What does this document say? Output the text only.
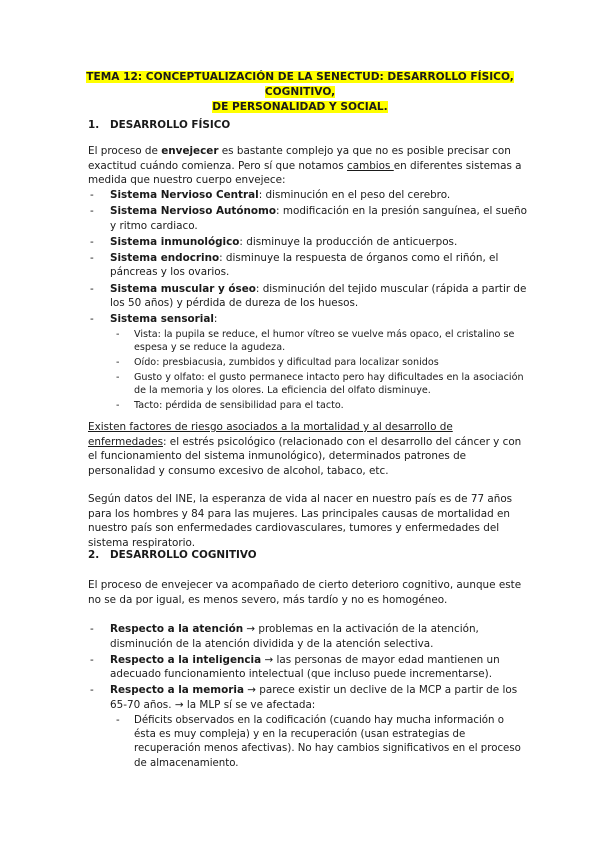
TEMA 12: CONCEPTUALIZACIÓN DE LA SENECTUD: DESARROLLO FÍSICO, COGNITIVO,
DE PERSONALIDAD Y SOCIAL.
1. DESARROLLO FÍSICO
El proceso de envejecer es bastante complejo ya que no es posible precisar con exactitud cuándo comienza. Pero sí que notamos cambios en diferentes sistemas a medida que nuestro cuerpo envejece:
- Sistema Nervioso Central: disminución en el peso del cerebro.
- Sistema Nervioso Autónomo: modificación en la presión sanguínea, el sueño y ritmo cardiaco.
- Sistema inmunológico: disminuye la producción de anticuerpos.
- Sistema endocrino: disminuye la respuesta de órganos como el riñón, el páncreas y los ovarios.
- Sistema muscular y óseo: disminución del tejido muscular (rápida a partir de los 50 años) y pérdida de dureza de los huesos.
- Sistema sensorial:
- Vista: la pupila se reduce, el humor vítreo se vuelve más opaco, el cristalino se espesa y se reduce la agudeza.
- Oído: presbiacusia, zumbidos y dificultad para localizar sonidos
- Gusto y olfato: el gusto permanece intacto pero hay dificultades en la asociación de la memoria y los olores. La eficiencia del olfato disminuye.
- Tacto: pérdida de sensibilidad para el tacto.
Existen factores de riesgo asociados a la mortalidad y al desarrollo de enfermedades: el estrés psicológico (relacionado con el desarrollo del cáncer y con el funcionamiento del sistema inmunológico), determinados patrones de personalidad y consumo excesivo de alcohol, tabaco, etc.
Según datos del INE, la esperanza de vida al nacer en nuestro país es de 77 años para los hombres y 84 para las mujeres. Las principales causas de mortalidad en nuestro país son enfermedades cardiovasculares, tumores y enfermedades del sistema respiratorio.
2. DESARROLLO COGNITIVO
El proceso de envejecer va acompañado de cierto deterioro cognitivo, aunque este no se da por igual, es menos severo, más tardío y no es homogéneo.
- Respecto a la atención → problemas en la activación de la atención, disminución de la atención dividida y de la atención selectiva.
- Respecto a la inteligencia → las personas de mayor edad mantienen un adecuado funcionamiento intelectual (que incluso puede incrementarse).
- Respecto a la memoria → parece existir un declive de la MCP a partir de los 65-70 años. → la MLP sí se ve afectada:
- Déficits observados en la codificación (cuando hay mucha información o ésta es muy compleja) y en la recuperación (usan estrategias de recuperación menos afectivas). No hay cambios significativos en el proceso de almacenamiento.
